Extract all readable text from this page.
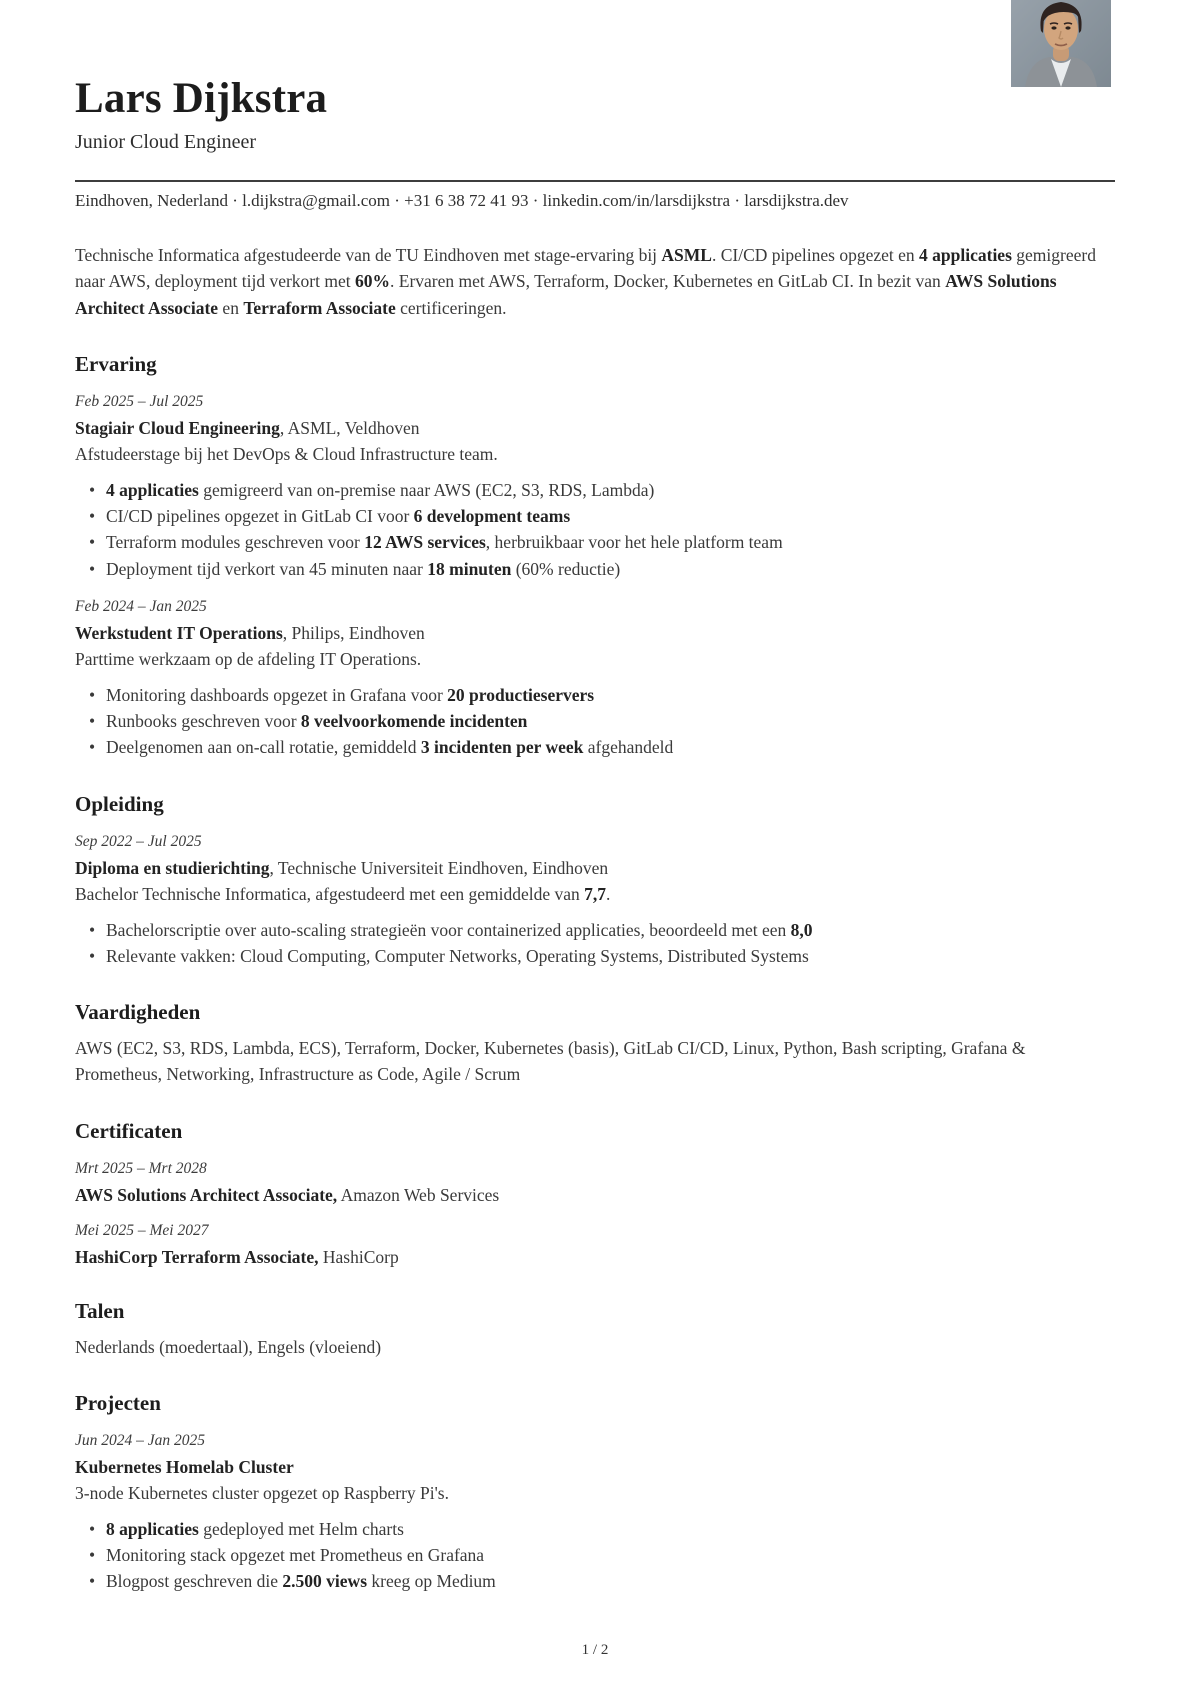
Lars Dijkstra
Junior Cloud Engineer
Eindhoven, Nederland · l.dijkstra@gmail.com · +31 6 38 72 41 93 · linkedin.com/in/larsdijkstra · larsdijkstra.dev

Technische Informatica afgestudeerde van de TU Eindhoven met stage-ervaring bij ASML. CI/CD pipelines opgezet en 4 applicaties gemigreerd naar AWS, deployment tijd verkort met 60%. Ervaren met AWS, Terraform, Docker, Kubernetes en GitLab CI. In bezit van AWS Solutions Architect Associate en Terraform Associate certificeringen.

Ervaring
Feb 2025 – Jul 2025
Stagiair Cloud Engineering, ASML, Veldhoven
Afstudeerstage bij het DevOps & Cloud Infrastructure team.
• 4 applicaties gemigreerd van on-premise naar AWS (EC2, S3, RDS, Lambda)
• CI/CD pipelines opgezet in GitLab CI voor 6 development teams
• Terraform modules geschreven voor 12 AWS services, herbruikbaar voor het hele platform team
• Deployment tijd verkort van 45 minuten naar 18 minuten (60% reductie)
Feb 2024 – Jan 2025
Werkstudent IT Operations, Philips, Eindhoven
Parttime werkzaam op de afdeling IT Operations.
• Monitoring dashboards opgezet in Grafana voor 20 productieservers
• Runbooks geschreven voor 8 veelvoorkomende incidenten
• Deelgenomen aan on-call rotatie, gemiddeld 3 incidenten per week afgehandeld
Opleiding
Sep 2022 – Jul 2025
Diploma en studierichting, Technische Universiteit Eindhoven, Eindhoven
Bachelor Technische Informatica, afgestudeerd met een gemiddelde van 7,7.
• Bachelorscriptie over auto-scaling strategieën voor containerized applicaties, beoordeeld met een 8,0
• Relevante vakken: Cloud Computing, Computer Networks, Operating Systems, Distributed Systems
Vaardigheden
AWS (EC2, S3, RDS, Lambda, ECS), Terraform, Docker, Kubernetes (basis), GitLab CI/CD, Linux, Python, Bash scripting, Grafana & Prometheus, Networking, Infrastructure as Code, Agile / Scrum
Certificaten
Mrt 2025 – Mrt 2028
AWS Solutions Architect Associate, Amazon Web Services
Mei 2025 – Mei 2027
HashiCorp Terraform Associate, HashiCorp
Talen
Nederlands (moedertaal), Engels (vloeiend)
Projecten
Jun 2024 – Jan 2025
Kubernetes Homelab Cluster
3-node Kubernetes cluster opgezet op Raspberry Pi's.
• 8 applicaties gedeployed met Helm charts
• Monitoring stack opgezet met Prometheus en Grafana
• Blogpost geschreven die 2.500 views kreeg op Medium
1 / 2
